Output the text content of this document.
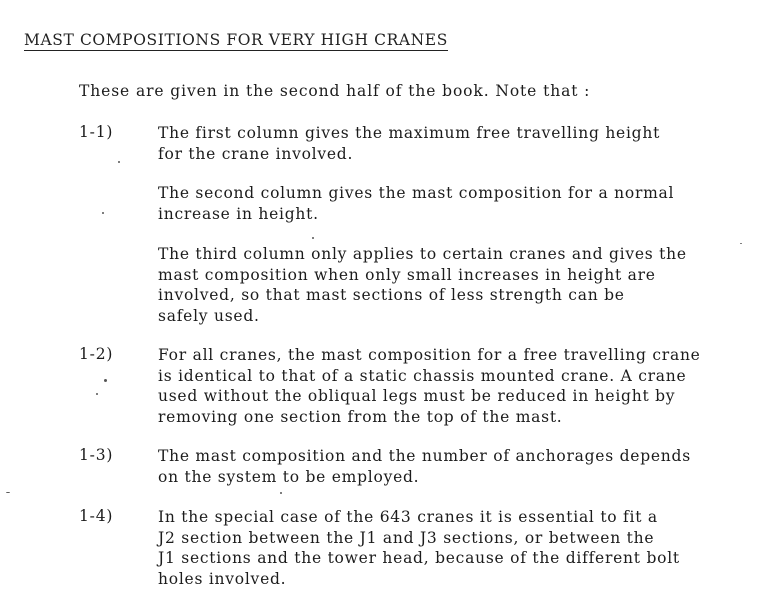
MAST COMPOSITIONS FOR VERY HIGH CRANES
These are given in the second half of the book. Note that :
1-1)	The first column gives the maximum free travelling height
for the crane involved.
The second column gives the mast composition for a normal
increase in height.
The third column only applies to certain cranes and gives the
mast composition when only small increases in height are
involved, so that mast sections of less strength can be
safely used.
1-2)	For all cranes, the mast composition for a free travelling crane
is identical to that of a static chassis mounted crane. A crane
used without the obliqual legs must be reduced in height by
removing one section from the top of the mast.
1-3)	The mast composition and the number of anchorages depends
on the system to be employed.
1-4)	In the special case of the 643 cranes it is essential to fit a
J2 section between the J1 and J3 sections, or between the
J1 sections and the tower head, because of the different bolt
holes involved.
